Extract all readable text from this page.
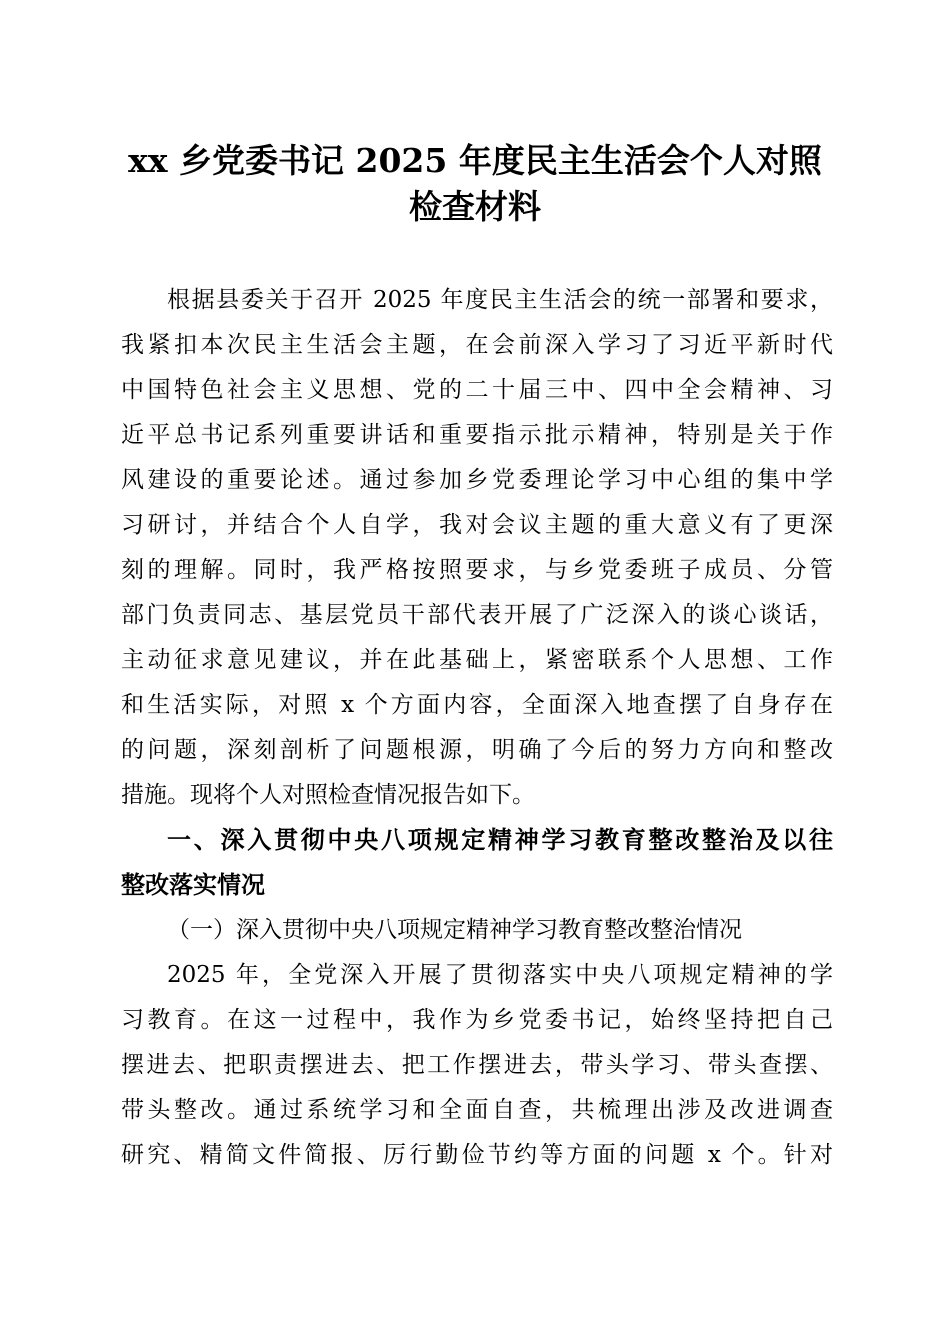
xx 乡党委书记 2025 年度民主生活会个人对照
检查材料

根据县委关于召开 2025 年度民主生活会的统一部署和要求，
我紧扣本次民主生活会主题，在会前深入学习了习近平新时代
中国特色社会主义思想、党的二十届三中、四中全会精神、习
近平总书记系列重要讲话和重要指示批示精神，特别是关于作
风建设的重要论述。通过参加乡党委理论学习中心组的集中学
习研讨，并结合个人自学，我对会议主题的重大意义有了更深
刻的理解。同时，我严格按照要求，与乡党委班子成员、分管
部门负责同志、基层党员干部代表开展了广泛深入的谈心谈话，
主动征求意见建议，并在此基础上，紧密联系个人思想、工作
和生活实际，对照 x 个方面内容，全面深入地查摆了自身存在
的问题，深刻剖析了问题根源，明确了今后的努力方向和整改
措施。现将个人对照检查情况报告如下。

一、深入贯彻中央八项规定精神学习教育整改整治及以往
整改落实情况

（一）深入贯彻中央八项规定精神学习教育整改整治情况

2025 年，全党深入开展了贯彻落实中央八项规定精神的学
习教育。在这一过程中，我作为乡党委书记，始终坚持把自己
摆进去、把职责摆进去、把工作摆进去，带头学习、带头查摆、
带头整改。通过系统学习和全面自查，共梳理出涉及改进调查
研究、精简文件简报、厉行勤俭节约等方面的问题 x 个。针对
